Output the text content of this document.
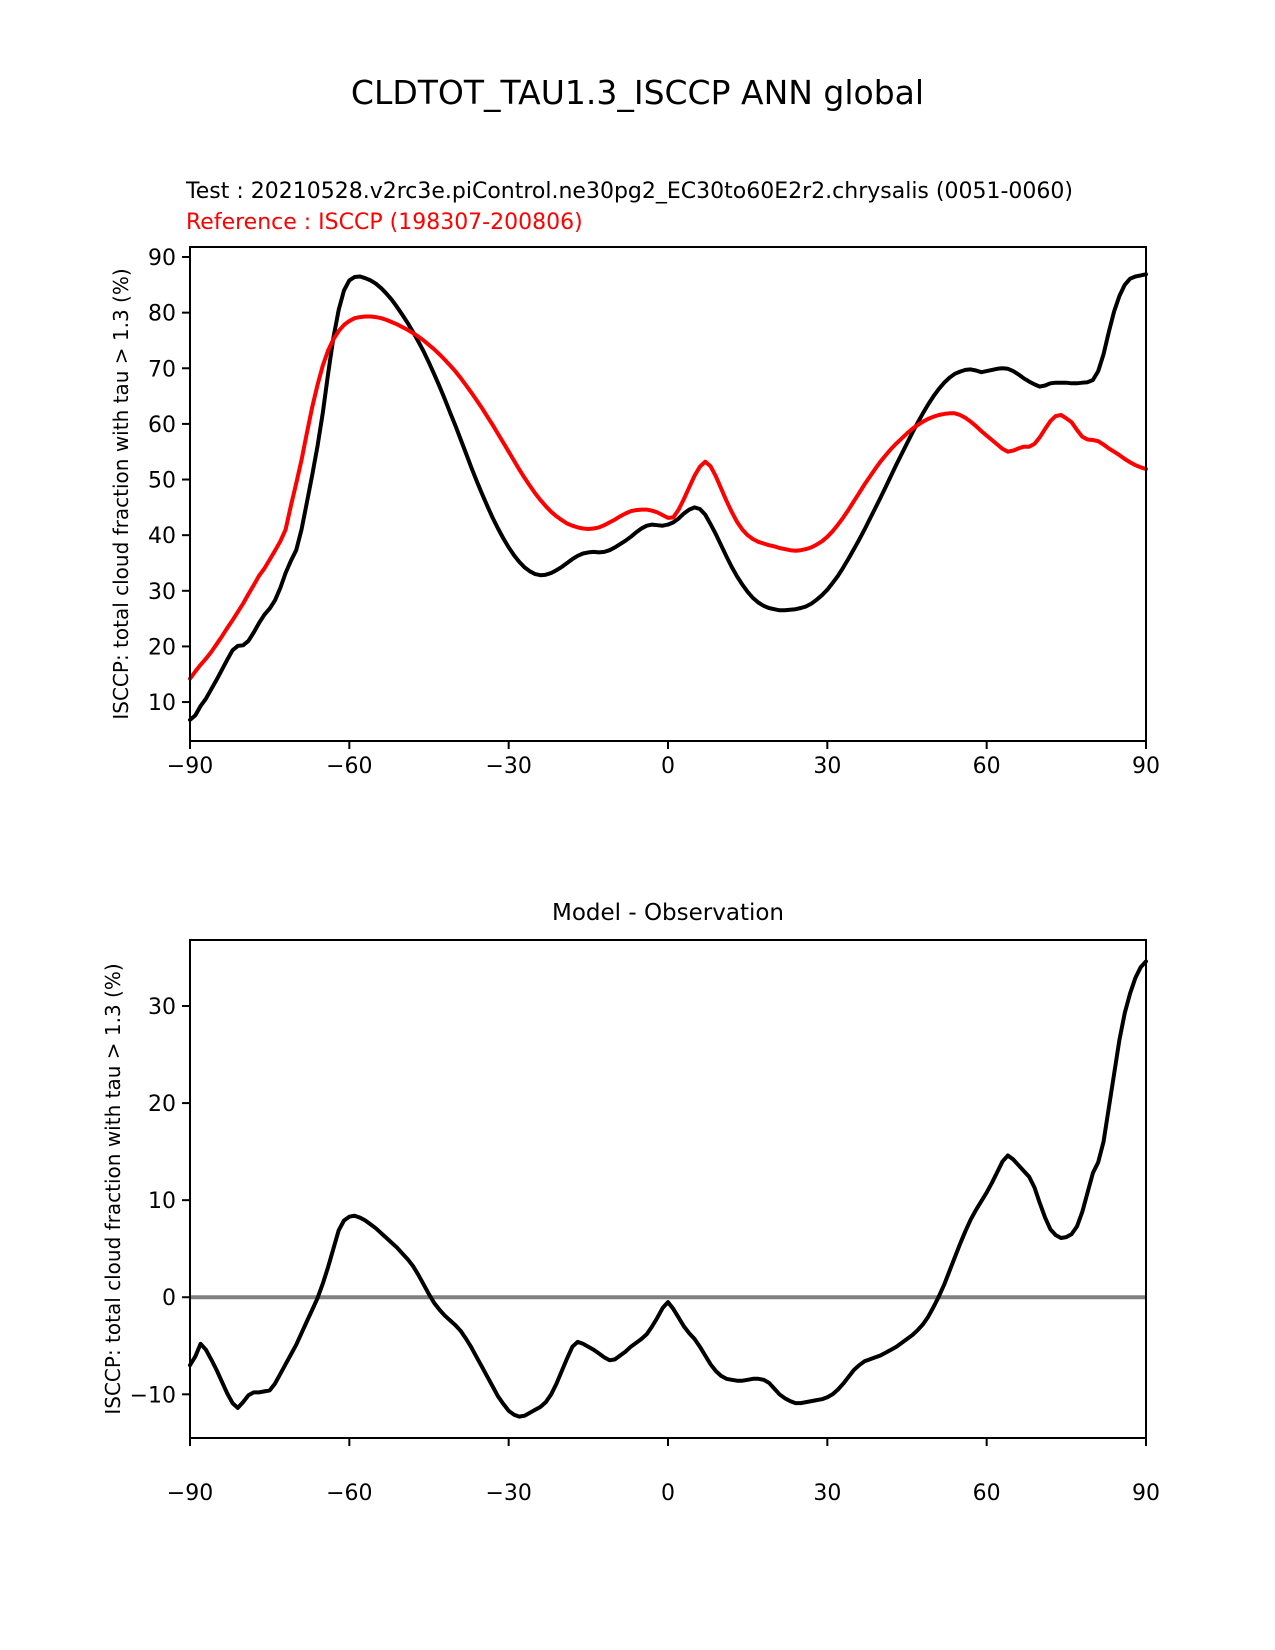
CLDTOT_TAU1.3_ISCCP ANN global
Test : 20210528.v2rc3e.piControl.ne30pg2_EC30to60E2r2.chrysalis (0051-0060)
Reference : ISCCP (198307-200806)
ISCCP: total cloud fraction with tau > 1.3 (%)
Model - Observation
ISCCP: total cloud fraction with tau > 1.3 (%)
−90	−60	−30	0	30	60	90
10
20
30
40
50
60
70
80
90
−90	−60	−30	0	30	60	90
−10
0
10
20
30
